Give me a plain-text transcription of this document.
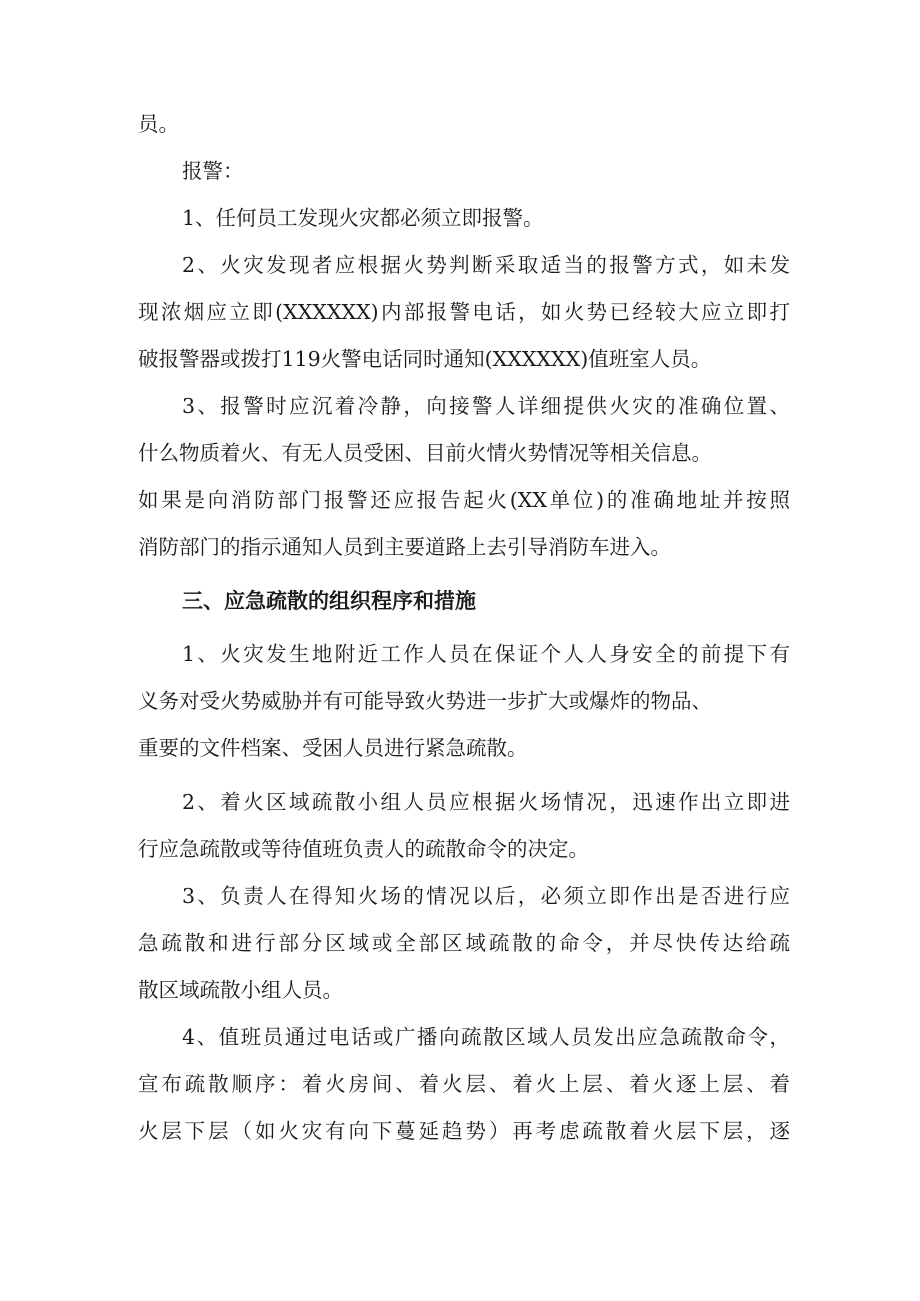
员。
报警：
1、任何员工发现火灾都必须立即报警。
2、火灾发现者应根据火势判断采取适当的报警方式，如未发
现浓烟应立即(XXXXXX)内部报警电话，如火势已经较大应立即打
破报警器或拨打119火警电话同时通知(XXXXXX)值班室人员。
3、报警时应沉着冷静，向接警人详细提供火灾的准确位置、
什么物质着火、有无人员受困、目前火情火势情况等相关信息。
如果是向消防部门报警还应报告起火(XX单位)的准确地址并按照
消防部门的指示通知人员到主要道路上去引导消防车进入。
三、应急疏散的组织程序和措施
1、火灾发生地附近工作人员在保证个人人身安全的前提下有
义务对受火势威胁并有可能导致火势进一步扩大或爆炸的物品、
重要的文件档案、受困人员进行紧急疏散。
2、着火区域疏散小组人员应根据火场情况，迅速作出立即进
行应急疏散或等待值班负责人的疏散命令的决定。
3、负责人在得知火场的情况以后，必须立即作出是否进行应
急疏散和进行部分区域或全部区域疏散的命令，并尽快传达给疏
散区域疏散小组人员。
4、值班员通过电话或广播向疏散区域人员发出应急疏散命令，
宣布疏散顺序：着火房间、着火层、着火上层、着火逐上层、着
火层下层（如火灾有向下蔓延趋势）再考虑疏散着火层下层，逐
